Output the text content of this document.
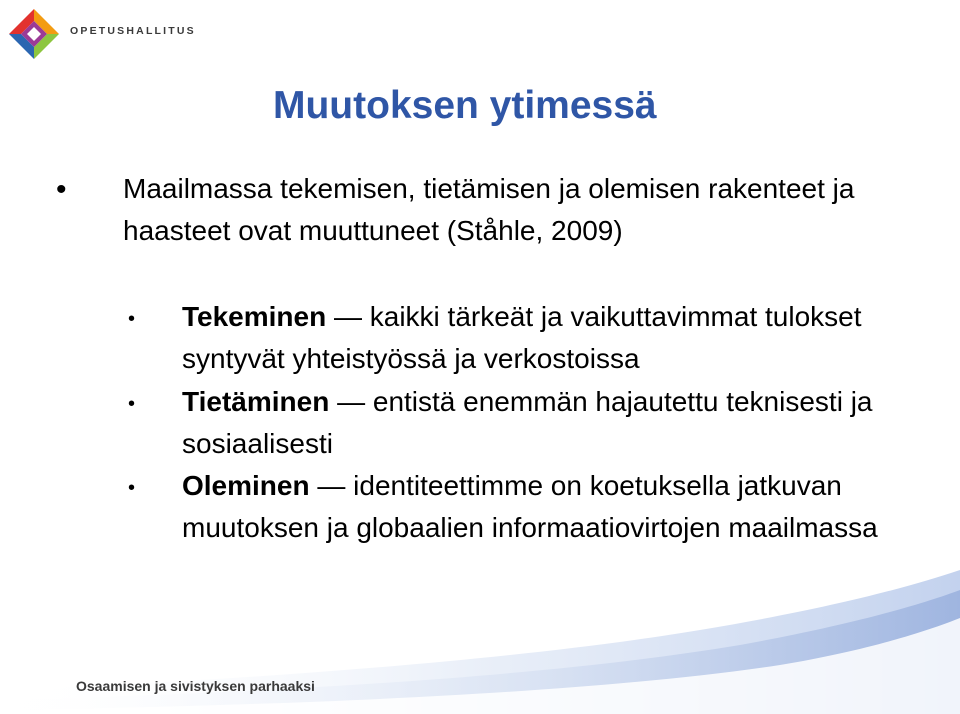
OPETUSHALLITUS
Muutoksen ytimessä
• Maailmassa tekemisen, tietämisen ja olemisen rakenteet ja haasteet ovat muuttuneet (Ståhle, 2009)
• Tekeminen — kaikki tärkeät ja vaikuttavimmat tulokset syntyvät yhteistyössä ja verkostoissa
• Tietäminen — entistä enemmän hajautettu teknisesti ja sosiaalisesti
• Oleminen — identiteettimme on koetuksella jatkuvan muutoksen ja globaalien informaatiovirtojen maailmassa
Osaamisen ja sivistyksen parhaaksi
